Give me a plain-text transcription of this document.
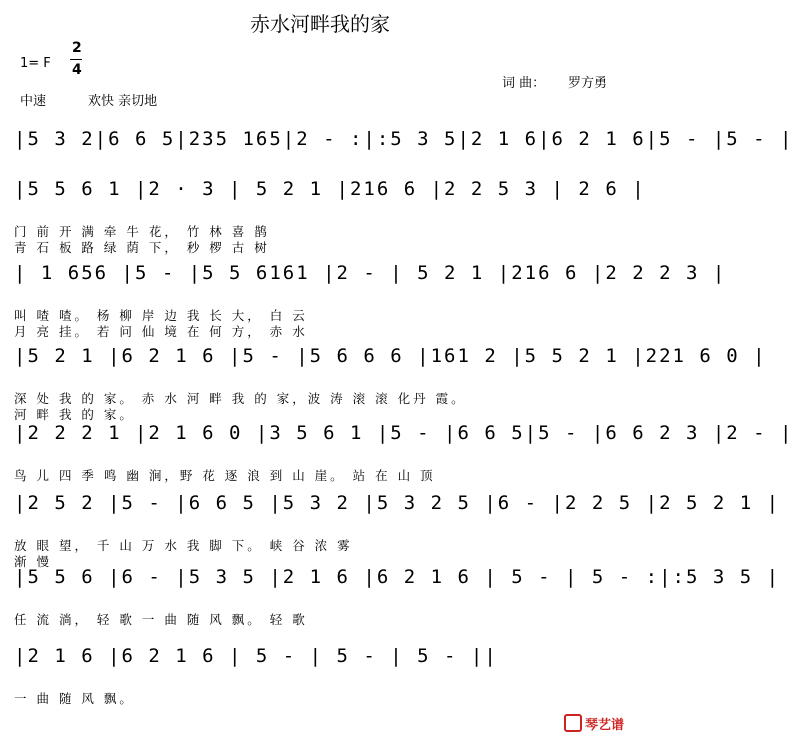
赤水河畔我的家
1= F
2
4
中速	欢快 亲切地
词 曲： 罗方勇
|5 3 2|6 6 5|235 165|2 - :|:5 3 5|2 1 6|6 2 1 6|5 - |5 - |
|5 5 6 1 |2 · 3 | 5 2 1 |216 6 |2 2 5 3 | 2 6 |
门 前 开 满 牵 牛 花， 竹 林 喜 鹊
青 石 板 路 绿 荫 下， 秒 椤 古 树
| 1 656 |5 - |5 5 6161 |2 - | 5 2 1 |216 6 |2 2 2 3 |
叫 喳 喳。 杨 柳 岸 边 我 长 大， 白 云
月 亮 挂。 若 问 仙 境 在 何 方， 赤 水
|5 2 1 |6 2 1 6 |5 - |5 6 6 6 |161 2 |5 5 2 1 |221 6 0 |
深 处 我 的 家。 赤 水 河 畔 我 的 家，波 涛 滚 滚 化丹 霞。
河 畔 我 的 家。
|2 2 2 1 |2 1 6 0 |3 5 6 1 |5 - |6 6 5|5 - |6 6 2 3 |2 - |
鸟 儿 四 季 鸣 幽 涧，野 花 逐 浪 到 山 崖。 站 在 山 顶
|2 5 2 |5 - |6 6 5 |5 3 2 |5 3 2 5 |6 - |2 2 5 |2 5 2 1 |
放 眼 望， 千 山 万 水 我 脚 下。 峡 谷 浓 雾
渐 慢
|5 5 6 |6 - |5 3 5 |2 1 6 |6 2 1 6 | 5 - | 5 - :|:5 3 5 |
任 流 淌， 轻 歌 一 曲 随 风 飘。 轻 歌
|2 1 6 |6 2 1 6 | 5 - | 5 - | 5 - ||
一 曲 随 风 飘。
琴艺谱
